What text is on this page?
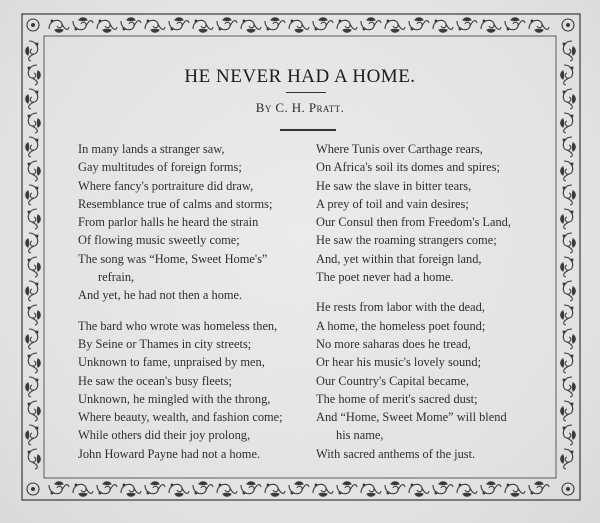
HE NEVER HAD A HOME.
By C. H. Pratt.
In many lands a stranger saw,
Gay multitudes of foreign forms;
Where fancy's portraiture did draw,
Resemblance true of calms and storms;
From parlor halls he heard the strain
Of flowing music sweetly come;
The song was “Home, Sweet Home's”
refrain,
And yet, he had not then a home.
The bard who wrote was homeless then,
By Seine or Thames in city streets;
Unknown to fame, unpraised by men,
He saw the ocean's busy fleets;
Unknown, he mingled with the throng,
Where beauty, wealth, and fashion come;
While others did their joy prolong,
John Howard Payne had not a home.
Where Tunis over Carthage rears,
On Africa's soil its domes and spires;
He saw the slave in bitter tears,
A prey of toil and vain desires;
Our Consul then from Freedom's Land,
He saw the roaming strangers come;
And, yet within that foreign land,
The poet never had a home.
He rests from labor with the dead,
A home, the homeless poet found;
No more saharas does he tread,
Or hear his music's lovely sound;
Our Country's Capital became,
The home of merit's sacred dust;
And “Home, Sweet Mome” will blend
his name,
With sacred anthems of the just.
